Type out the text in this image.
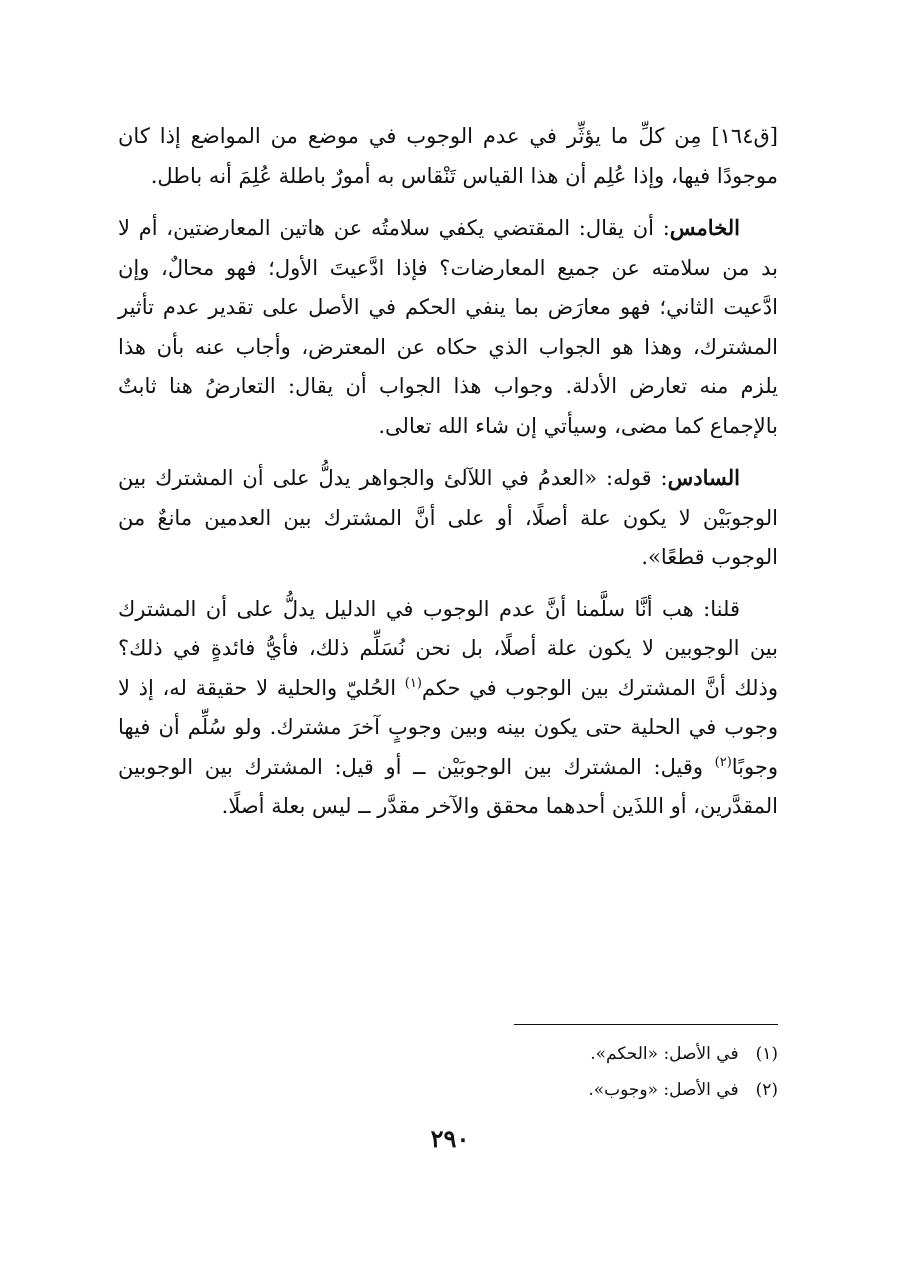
[ق١٦٤] مِن كلِّ ما يؤثِّر في عدم الوجوب في موضع من المواضع إذا كان موجودًا فيها، وإذا عُلِم أن هذا القياس تَنْقاس به أمورٌ باطلة عُلِمَ أنه باطل.

الخامس: أن يقال: المقتضي يكفي سلامتُه عن هاتين المعارضتين، أم لا بد من سلامته عن جميع المعارضات؟ فإذا ادَّعيتَ الأول؛ فهو محالٌ، وإن ادَّعيت الثاني؛ فهو معارَض بما ينفي الحكم في الأصل على تقدير عدم تأثير المشترك، وهذا هو الجواب الذي حكاه عن المعترض، وأجاب عنه بأن هذا يلزم منه تعارض الأدلة. وجواب هذا الجواب أن يقال: التعارضُ هنا ثابتٌ بالإجماع كما مضى، وسيأتي إن شاء الله تعالى.

السادس: قوله: «العدمُ في اللآلئ والجواهر يدلُّ على أن المشترك بين الوجوبَيْن لا يكون علة أصلًا، أو على أنَّ المشترك بين العدمين مانعٌ من الوجوب قطعًا».

قلنا: هب أنَّا سلَّمنا أنَّ عدم الوجوب في الدليل يدلُّ على أن المشترك بين الوجوبين لا يكون علة أصلًا، بل نحن نُسَلِّم ذلك، فأيُّ فائدةٍ في ذلك؟ وذلك أنَّ المشترك بين الوجوب في حكم$^{(١)}$ الحُليّ والحلية لا حقيقة له، إذ لا وجوب في الحلية حتى يكون بينه وبين وجوبٍ آخرَ مشترك. ولو سُلِّم أن فيها وجوبًا$^{(٢)}$ وقيل: المشترك بين الوجوبَيْن ــ أو قيل: المشترك بين الوجوبين المقدَّرين، أو اللذَين أحدهما محقق والآخر مقدَّر ــ ليس بعلة أصلًا.

(١) في الأصل: «الحكم».

(٢) في الأصل: «وجوب».

٢٩٠
